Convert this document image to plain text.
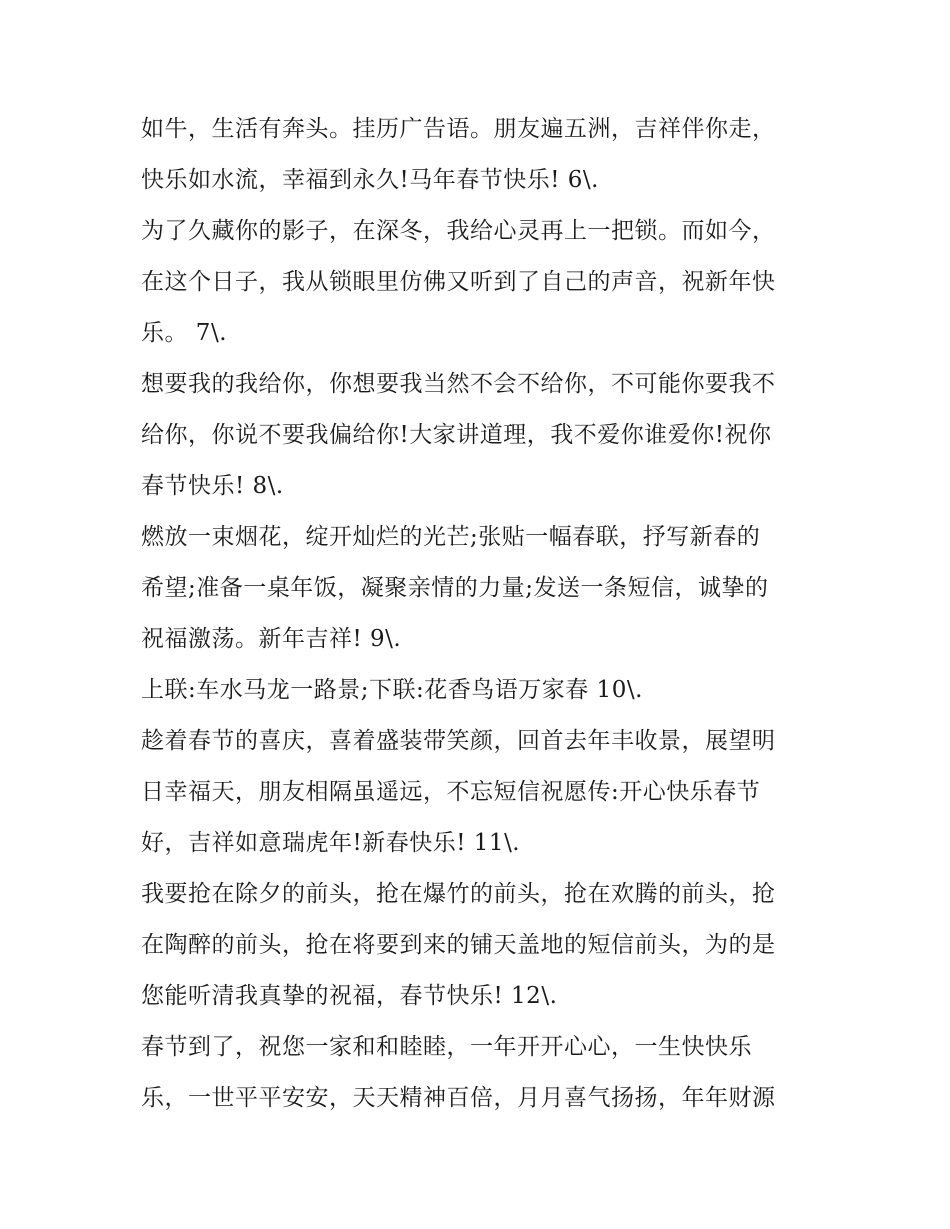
如牛，生活有奔头。挂历广告语。朋友遍五洲，吉祥伴你走，
快乐如水流，幸福到永久!马年春节快乐! 6\.
为了久藏你的影子，在深冬，我给心灵再上一把锁。而如今，
在这个日子，我从锁眼里仿佛又听到了自己的声音，祝新年快
乐。 7\.
想要我的我给你，你想要我当然不会不给你，不可能你要我不
给你，你说不要我偏给你!大家讲道理，我不爱你谁爱你!祝你
春节快乐! 8\.
燃放一束烟花，绽开灿烂的光芒;张贴一幅春联，抒写新春的
希望;准备一桌年饭，凝聚亲情的力量;发送一条短信，诚挚的
祝福激荡。新年吉祥! 9\.
上联:车水马龙一路景;下联:花香鸟语万家春 10\.
趁着春节的喜庆，喜着盛装带笑颜，回首去年丰收景，展望明
日幸福天，朋友相隔虽遥远，不忘短信祝愿传:开心快乐春节
好，吉祥如意瑞虎年!新春快乐! 11\.
我要抢在除夕的前头，抢在爆竹的前头，抢在欢腾的前头，抢
在陶醉的前头，抢在将要到来的铺天盖地的短信前头，为的是
您能听清我真挚的祝福，春节快乐! 12\.
春节到了，祝您一家和和睦睦，一年开开心心，一生快快乐
乐，一世平平安安，天天精神百倍，月月喜气扬扬，年年财源
